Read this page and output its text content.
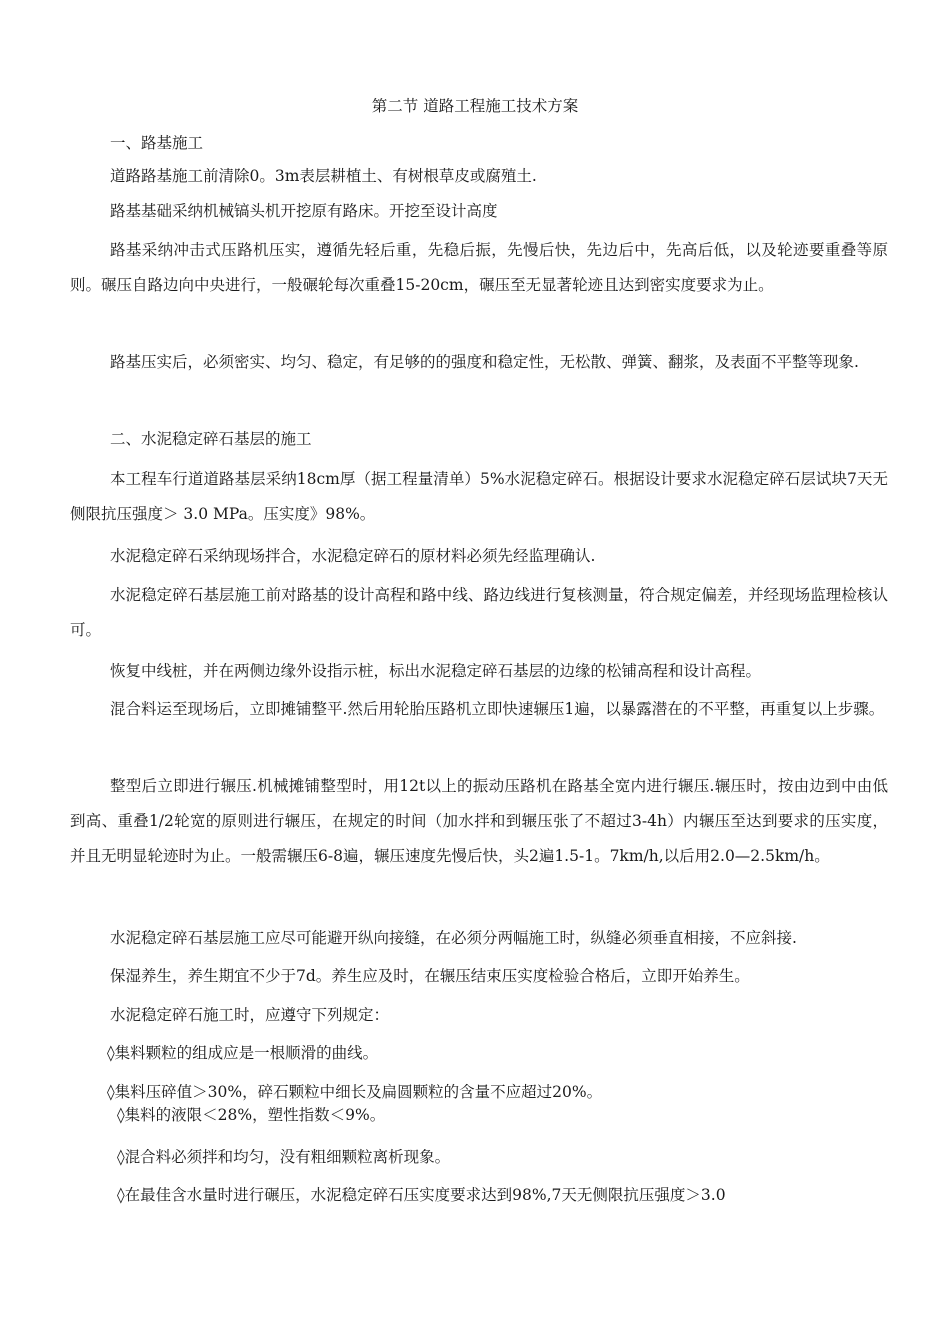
第二节 道路工程施工技术方案

一、路基施工

道路路基施工前清除0。3m表层耕植土、有树根草皮或腐殖土.

路基基础采纳机械镐头机开挖原有路床。开挖至设计高度

路基采纳冲击式压路机压实，遵循先轻后重，先稳后振，先慢后快，先边后中，先高后低，以及轮迹要重叠等原则。碾压自路边向中央进行，一般碾轮每次重叠15-20cm，碾压至无显著轮迹且达到密实度要求为止。

路基压实后，必须密实、均匀、稳定，有足够的的强度和稳定性，无松散、弹簧、翻浆，及表面不平整等现象.

二、水泥稳定碎石基层的施工

本工程车行道道路基层采纳18cm厚（据工程量清单）5%水泥稳定碎石。根据设计要求水泥稳定碎石层试块7天无侧限抗压强度＞ 3.0 MPa。压实度》98%。

水泥稳定碎石采纳现场拌合，水泥稳定碎石的原材料必须先经监理确认.

水泥稳定碎石基层施工前对路基的设计高程和路中线、路边线进行复核测量，符合规定偏差，并经现场监理检核认可。

恢复中线桩，并在两侧边缘外设指示桩，标出水泥稳定碎石基层的边缘的松铺高程和设计高程。

混合料运至现场后，立即摊铺整平.然后用轮胎压路机立即快速辗压1遍，以暴露潜在的不平整，再重复以上步骤。

整型后立即进行辗压.机械摊铺整型时，用12t以上的振动压路机在路基全宽内进行辗压.辗压时，按由边到中由低到高、重叠1/2轮宽的原则进行辗压，在规定的时间（加水拌和到辗压张了不超过3-4h）内辗压至达到要求的压实度，并且无明显轮迹时为止。一般需辗压6-8遍，辗压速度先慢后快，头2遍1.5-1。7km/h,以后用2.0—2.5km/h。

水泥稳定碎石基层施工应尽可能避开纵向接缝，在必须分两幅施工时，纵缝必须垂直相接，不应斜接.

保湿养生，养生期宜不少于7d。养生应及时，在辗压结束压实度检验合格后，立即开始养生。

水泥稳定碎石施工时，应遵守下列规定：

◊集料颗粒的组成应是一根顺滑的曲线。

◊集料压碎值＞30%，碎石颗粒中细长及扁圆颗粒的含量不应超过20%。

◊集料的液限＜28%，塑性指数＜9%。

◊混合料必须拌和均匀，没有粗细颗粒离析现象。

◊在最佳含水量时进行碾压，水泥稳定碎石压实度要求达到98%,7天无侧限抗压强度＞3.0
